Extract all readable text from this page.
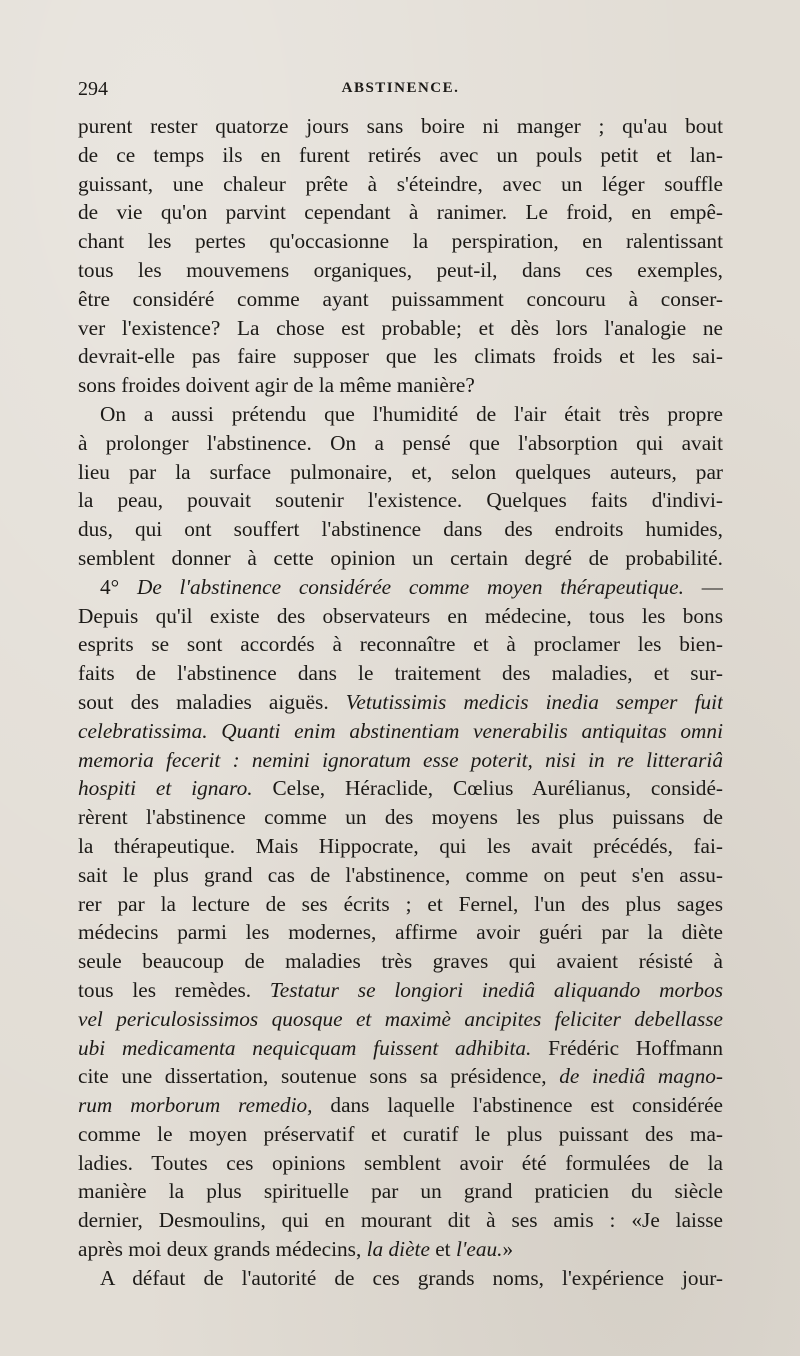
294	ABSTINENCE.
purent rester quatorze jours sans boire ni manger ; qu'au bout
de ce temps ils en furent retirés avec un pouls petit et lan-
guissant, une chaleur prête à s'éteindre, avec un léger souffle
de vie qu'on parvint cependant à ranimer. Le froid, en empê-
chant les pertes qu'occasionne la perspiration, en ralentissant
tous les mouvemens organiques, peut-il, dans ces exemples,
être considéré comme ayant puissamment concouru à conser-
ver l'existence? La chose est probable; et dès lors l'analogie ne
devrait-elle pas faire supposer que les climats froids et les sai-
sons froides doivent agir de la même manière?
On a aussi prétendu que l'humidité de l'air était très propre
à prolonger l'abstinence. On a pensé que l'absorption qui avait
lieu par la surface pulmonaire, et, selon quelques auteurs, par
la peau, pouvait soutenir l'existence. Quelques faits d'indivi-
dus, qui ont souffert l'abstinence dans des endroits humides,
semblent donner à cette opinion un certain degré de probabilité.
4° De l'abstinence considérée comme moyen thérapeutique. —
Depuis qu'il existe des observateurs en médecine, tous les bons
esprits se sont accordés à reconnaître et à proclamer les bien-
faits de l'abstinence dans le traitement des maladies, et sur-
sout des maladies aiguës. Vetutissimis medicis inedia semper fuit
celebratissima. Quanti enim abstinentiam venerabilis antiquitas omni
memoria fecerit : nemini ignoratum esse poterit, nisi in re litterariâ
hospiti et ignaro. Celse, Héraclide, Cœlius Aurélianus, considé-
rèrent l'abstinence comme un des moyens les plus puissans de
la thérapeutique. Mais Hippocrate, qui les avait précédés, fai-
sait le plus grand cas de l'abstinence, comme on peut s'en assu-
rer par la lecture de ses écrits ; et Fernel, l'un des plus sages
médecins parmi les modernes, affirme avoir guéri par la diète
seule beaucoup de maladies très graves qui avaient résisté à
tous les remèdes. Testatur se longiori inediâ aliquando morbos
vel periculosissimos quosque et maximè ancipites feliciter debellasse
ubi medicamenta nequicquam fuissent adhibita. Frédéric Hoffmann
cite une dissertation, soutenue sons sa présidence, de inediâ magno-
rum morborum remedio, dans laquelle l'abstinence est considérée
comme le moyen préservatif et curatif le plus puissant des ma-
ladies. Toutes ces opinions semblent avoir été formulées de la
manière la plus spirituelle par un grand praticien du siècle
dernier, Desmoulins, qui en mourant dit à ses amis : «Je laisse
après moi deux grands médecins, la diète et l'eau.»
A défaut de l'autorité de ces grands noms, l'expérience jour-
